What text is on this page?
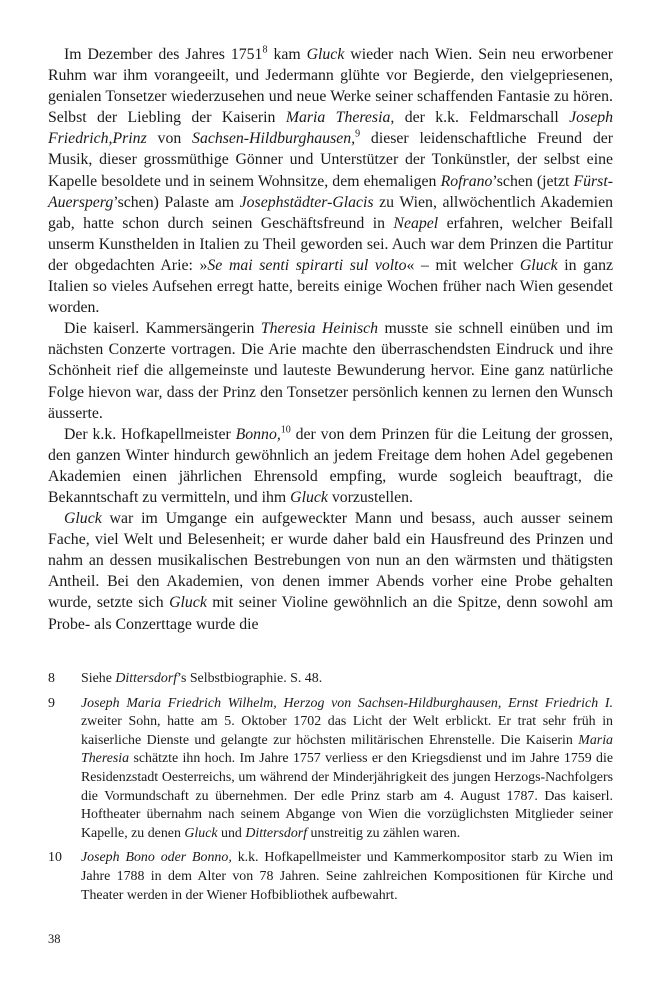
Im Dezember des Jahres 1751$^8$ kam Gluck wieder nach Wien. Sein neu erworbener Ruhm war ihm vorangeeilt, und Jedermann glühte vor Begierde, den vielgepriesenen, genialen Tonsetzer wiederzusehen und neue Werke seiner schaffenden Fantasie zu hören. Selbst der Liebling der Kaiserin Maria Theresia, der k.k. Feldmarschall Joseph Friedrich,Prinz von Sachsen-Hildburghausen,$^9$ dieser leidenschaftliche Freund der Musik, dieser grossmüthige Gönner und Unterstützer der Tonkünstler, der selbst eine Kapelle besoldete und in seinem Wohnsitze, dem ehemaligen Rofrano’schen (jetzt Fürst-Auersperg’schen) Palaste am Josephstädter-Glacis zu Wien, allwöchentlich Akademien gab, hatte schon durch seinen Geschäftsfreund in Neapel erfahren, welcher Beifall unserm Kunsthelden in Italien zu Theil geworden sei. Auch war dem Prinzen die Partitur der obgedachten Arie: »Se mai senti spirarti sul volto« – mit welcher Gluck in ganz Italien so vieles Aufsehen erregt hatte, bereits einige Wochen früher nach Wien gesendet worden.

Die kaiserl. Kammersängerin Theresia Heinisch musste sie schnell einüben und im nächsten Conzerte vortragen. Die Arie machte den überraschendsten Eindruck und ihre Schönheit rief die allgemeinste und lauteste Bewunderung hervor. Eine ganz natürliche Folge hievon war, dass der Prinz den Tonsetzer persönlich kennen zu lernen den Wunsch äusserte.

Der k.k. Hofkapellmeister Bonno,$^{10}$ der von dem Prinzen für die Leitung der grossen, den ganzen Winter hindurch gewöhnlich an jedem Freitage dem hohen Adel gegebenen Akademien einen jährlichen Ehrensold empfing, wurde sogleich beauftragt, die Bekanntschaft zu vermitteln, und ihm Gluck vorzustellen.

Gluck war im Umgange ein aufgeweckter Mann und besass, auch ausser seinem Fache, viel Welt und Belesenheit; er wurde daher bald ein Hausfreund des Prinzen und nahm an dessen musikalischen Bestrebungen von nun an den wärmsten und thätigsten Antheil. Bei den Akademien, von denen immer Abends vorher eine Probe gehalten wurde, setzte sich Gluck mit seiner Violine gewöhnlich an die Spitze, denn sowohl am Probe- als Conzerttage wurde die

8	Siehe Dittersdorf’s Selbstbiographie. S. 48.
9	Joseph Maria Friedrich Wilhelm, Herzog von Sachsen-Hildburghausen, Ernst Friedrich I. zweiter Sohn, hatte am 5. Oktober 1702 das Licht der Welt erblickt. Er trat sehr früh in kaiserliche Dienste und gelangte zur höchsten militärischen Ehrenstelle. Die Kaiserin Maria Theresia schätzte ihn hoch. Im Jahre 1757 verliess er den Kriegsdienst und im Jahre 1759 die Residenzstadt Oesterreichs, um während der Minderjährigkeit des jungen Herzogs-Nachfolgers die Vormundschaft zu übernehmen. Der edle Prinz starb am 4. August 1787. Das kaiserl. Hoftheater übernahm nach seinem Abgange von Wien die vorzüglichsten Mitglieder seiner Kapelle, zu denen Gluck und Dittersdorf unstreitig zu zählen waren.
10	Joseph Bono oder Bonno, k.k. Hofkapellmeister und Kammerkompositor starb zu Wien im Jahre 1788 in dem Alter von 78 Jahren. Seine zahlreichen Kompositionen für Kirche und Theater werden in der Wiener Hofbibliothek aufbewahrt.
38
